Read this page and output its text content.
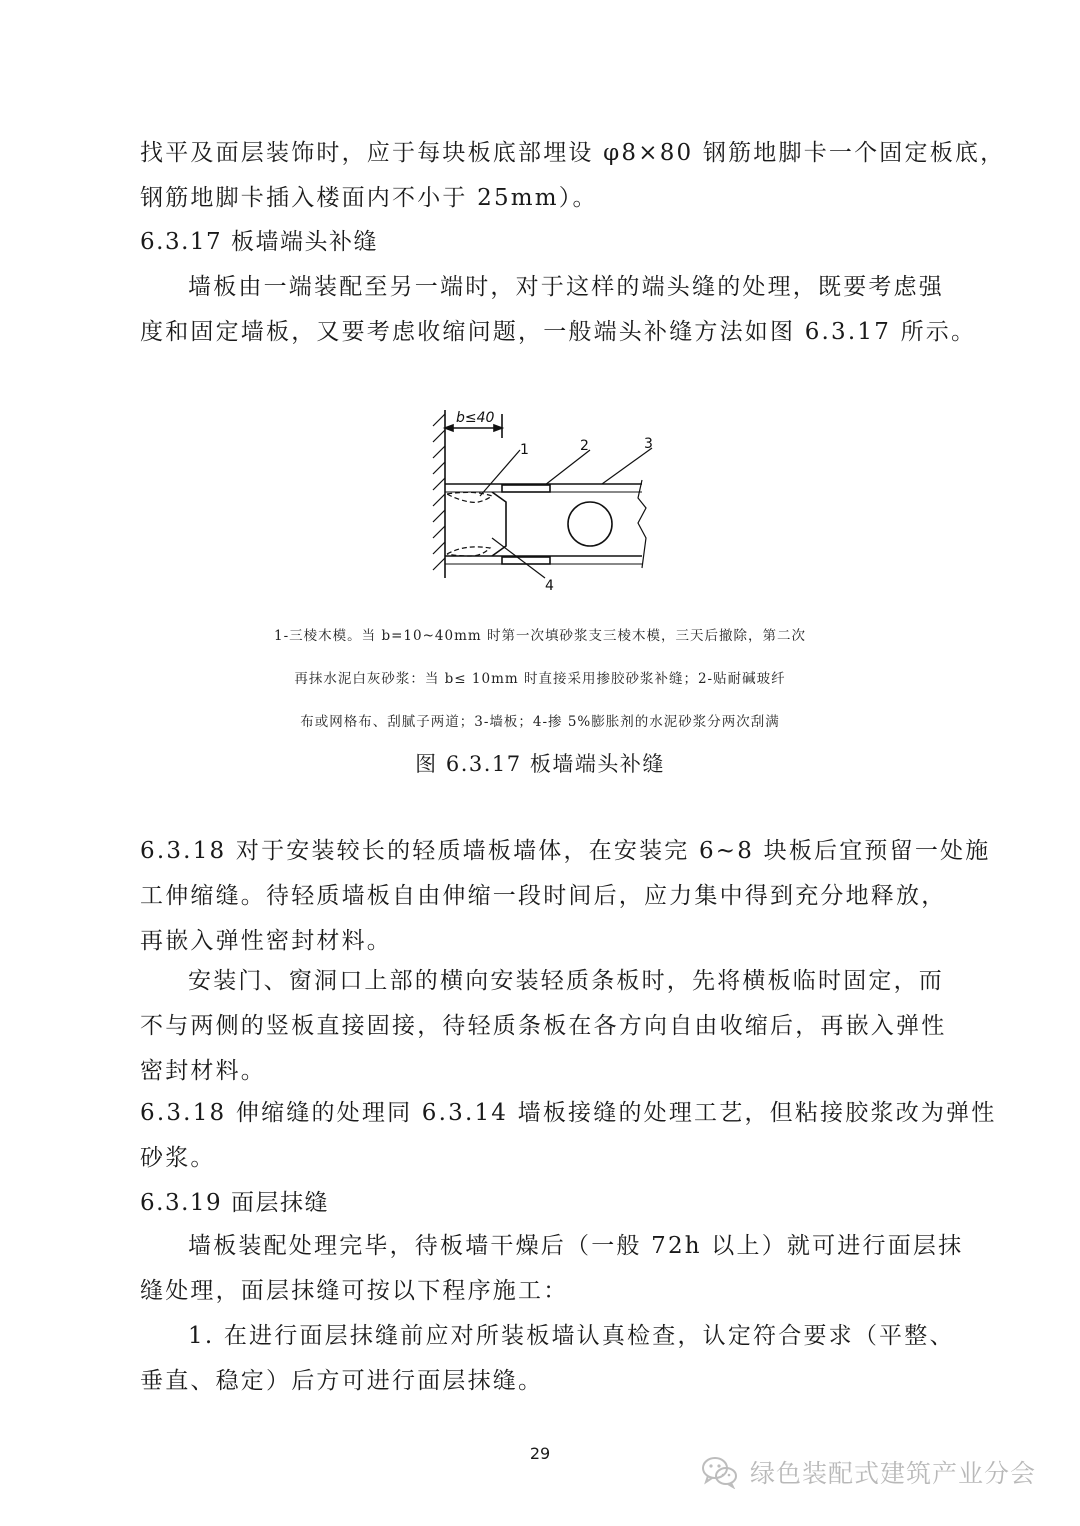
找平及面层装饰时，应于每块板底部埋设 φ8×80 钢筋地脚卡一个固定板底，
钢筋地脚卡插入楼面内不小于 25mm）。
6.3.17 板墙端头补缝
墙板由一端装配至另一端时，对于这样的端头缝的处理，既要考虑强
度和固定墙板，又要考虑收缩问题，一般端头补缝方法如图 6.3.17 所示。
b≤40
1	2	3
4
1-三棱木模。当 b=10~40mm 时第一次填砂浆支三棱木模，三天后撤除，第二次
再抹水泥白灰砂浆：当 b≤ 10mm 时直接采用掺胶砂浆补缝；2-贴耐碱玻纤
布或网格布、刮腻子两道；3-墙板；4-掺 5%膨胀剂的水泥砂浆分两次刮满
图 6.3.17 板墙端头补缝
6.3.18 对于安装较长的轻质墙板墙体，在安装完 6~8 块板后宜预留一处施
工伸缩缝。待轻质墙板自由伸缩一段时间后，应力集中得到充分地释放，
再嵌入弹性密封材料。
安装门、窗洞口上部的横向安装轻质条板时，先将横板临时固定，而
不与两侧的竖板直接固接，待轻质条板在各方向自由收缩后，再嵌入弹性
密封材料。
6.3.18 伸缩缝的处理同 6.3.14 墙板接缝的处理工艺，但粘接胶浆改为弹性
砂浆。
6.3.19 面层抹缝
墙板装配处理完毕，待板墙干燥后（一般 72h 以上）就可进行面层抹
缝处理，面层抹缝可按以下程序施工：
1. 在进行面层抹缝前应对所装板墙认真检查，认定符合要求（平整、
垂直、稳定）后方可进行面层抹缝。
29
绿色装配式建筑产业分会
